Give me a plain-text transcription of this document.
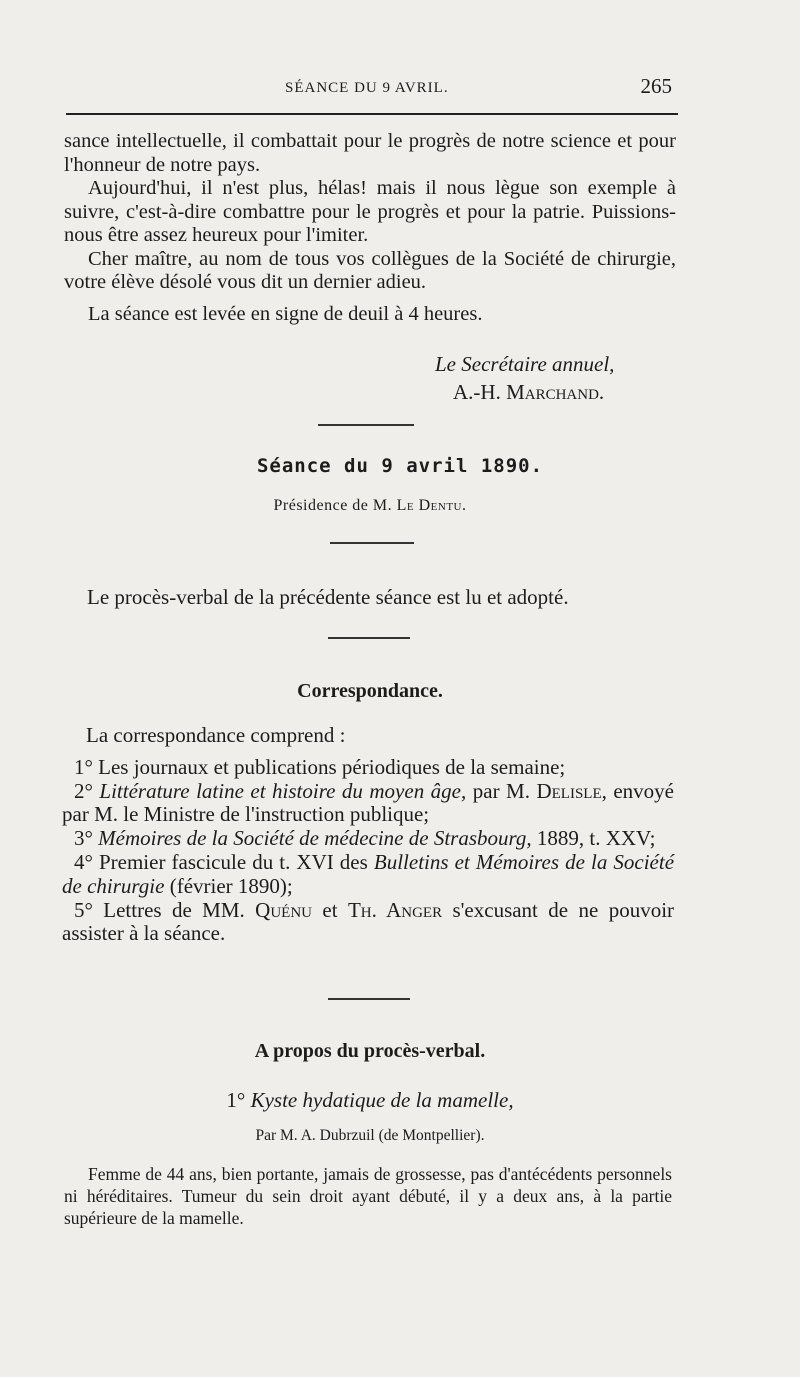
SÉANCE DU 9 AVRIL.	265

sance intellectuelle, il combattait pour le progrès de notre science et pour l'honneur de notre pays.

Aujourd'hui, il n'est plus, hélas! mais il nous lègue son exemple à suivre, c'est-à-dire combattre pour le progrès et pour la patrie. Puissions-nous être assez heureux pour l'imiter.

Cher maître, au nom de tous vos collègues de la Société de chirurgie, votre élève désolé vous dit un dernier adieu.

La séance est levée en signe de deuil à 4 heures.

Le Secrétaire annuel,
A.-H. Marchand.
Séance du 9 avril 1890.
Présidence de M. Le Dentu.
Le procès-verbal de la précédente séance est lu et adopté.
Correspondance.

La correspondance comprend :

1° Les journaux et publications périodiques de la semaine;

2° Littérature latine et histoire du moyen âge, par M. Delisle, envoyé par M. le Ministre de l'instruction publique;

3° Mémoires de la Société de médecine de Strasbourg, 1889, t. XXV;

4° Premier fascicule du t. XVI des Bulletins et Mémoires de la Société de chirurgie (février 1890);

5° Lettres de MM. Quénu et Th. Anger s'excusant de ne pouvoir assister à la séance.

A propos du procès-verbal.
1° Kyste hydatique de la mamelle,
Par M. A. Dubrzuil (de Montpellier).

Femme de 44 ans, bien portante, jamais de grossesse, pas d'antécédents personnels ni héréditaires. Tumeur du sein droit ayant débuté, il y a deux ans, à la partie supérieure de la mamelle.
